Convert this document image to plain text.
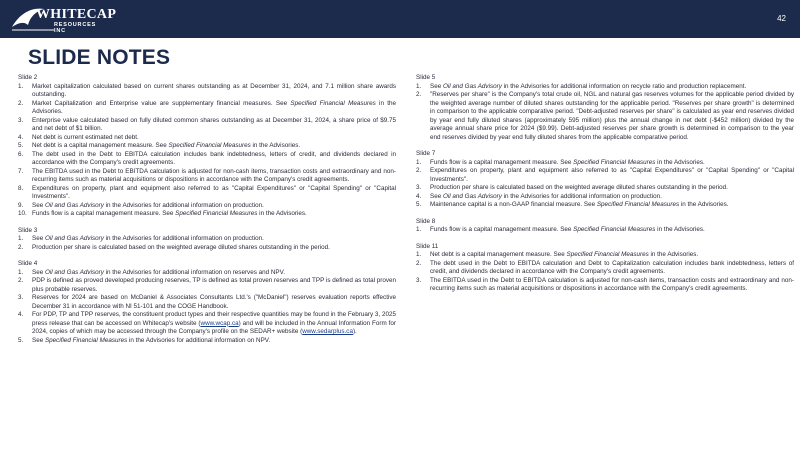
WHITECAP
RESOURCES INC
42
SLIDE NOTES
Slide 2
1.	Market capitalization calculated based on current shares outstanding as at December 31, 2024, and 7.1 million share awards outstanding.
2.	Market Capitalization and Enterprise value are supplementary financial measures. See Specified Financial Measures in the Advisories.
3.	Enterprise value calculated based on fully diluted common shares outstanding as at December 31, 2024, a share price of $9.75 and net debt of $1 billion.
4.	Net debt is current estimated net debt.
5.	Net debt is a capital management measure. See Specified Financial Measures in the Advisories.
6.	The debt used in the Debt to EBITDA calculation includes bank indebtedness, letters of credit, and dividends declared in accordance with the Company's credit agreements.
7.	The EBITDA used in the Debt to EBITDA calculation is adjusted for non-cash items, transaction costs and extraordinary and non-recurring items such as material acquisitions or dispositions in accordance with the Company's credit agreements.
8.	Expenditures on property, plant and equipment also referred to as "Capital Expenditures" or "Capital Spending" or "Capital Investments".
9.	See Oil and Gas Advisory in the Advisories for additional information on production.
10. Funds flow is a capital management measure. See Specified Financial Measures in the Advisories.
Slide 3
1.	See Oil and Gas Advisory in the Advisories for additional information on production.
2.	Production per share is calculated based on the weighted average diluted shares outstanding in the period.
Slide 4
1.	See Oil and Gas Advisory in the Advisories for additional information on reserves and NPV.
2.	PDP is defined as proved developed producing reserves, TP is defined as total proven reserves and TPP is defined as total proven plus probable reserves.
3.	Reserves for 2024 are based on McDaniel & Associates Consultants Ltd.'s ("McDaniel") reserves evaluation reports effective December 31 in accordance with NI 51-101 and the COGE Handbook.
4.	For PDP, TP and TPP reserves, the constituent product types and their respective quantities may be found in the February 3, 2025 press release that can be accessed on Whitecap's website (www.wcap.ca) and will be included in the Annual Information Form for 2024, copies of which may be accessed through the Company's profile on the SEDAR+ website (www.sedarplus.ca).
5.	See Specified Financial Measures in the Advisories for additional information on NPV.
Slide 5
1.	See Oil and Gas Advisory in the Advisories for additional information on recycle ratio and production replacement.
2.	"Reserves per share" is the Company's total crude oil, NGL and natural gas reserves volumes for the applicable period divided by the weighted average number of diluted shares outstanding for the applicable period. "Reserves per share growth" is determined in comparison to the applicable comparative period. "Debt-adjusted reserves per share" is calculated as year end reserves divided by year end fully diluted shares (approximately 595 million) plus the annual change in net debt (-$452 million) divided by the average annual share price for 2024 ($9.99). Debt-adjusted reserves per share growth is determined in comparison to the year end reserves divided by year end fully diluted shares from the applicable comparative period.
Slide 7
1.	Funds flow is a capital management measure. See Specified Financial Measures in the Advisories.
2.	Expenditures on property, plant and equipment also referred to as "Capital Expenditures" or "Capital Spending" or "Capital Investments".
3.	Production per share is calculated based on the weighted average diluted shares outstanding in the period.
4.	See Oil and Gas Advisory in the Advisories for additional information on production.
5.	Maintenance capital is a non-GAAP financial measure. See Specified Financial Measures in the Advisories.
Slide 8
1.	Funds flow is a capital management measure. See Specified Financial Measures in the Advisories.
Slide 11
1.	Net debt is a capital management measure. See Specified Financial Measures in the Advisories.
2.	The debt used in the Debt to EBITDA calculation and Debt to Capitalization calculation includes bank indebtedness, letters of credit, and dividends declared in accordance with the Company's credit agreements.
3.	The EBITDA used in the Debt to EBITDA calculation is adjusted for non-cash items, transaction costs and extraordinary and non-recurring items such as material acquisitions or dispositions in accordance with the Company's credit agreements.
